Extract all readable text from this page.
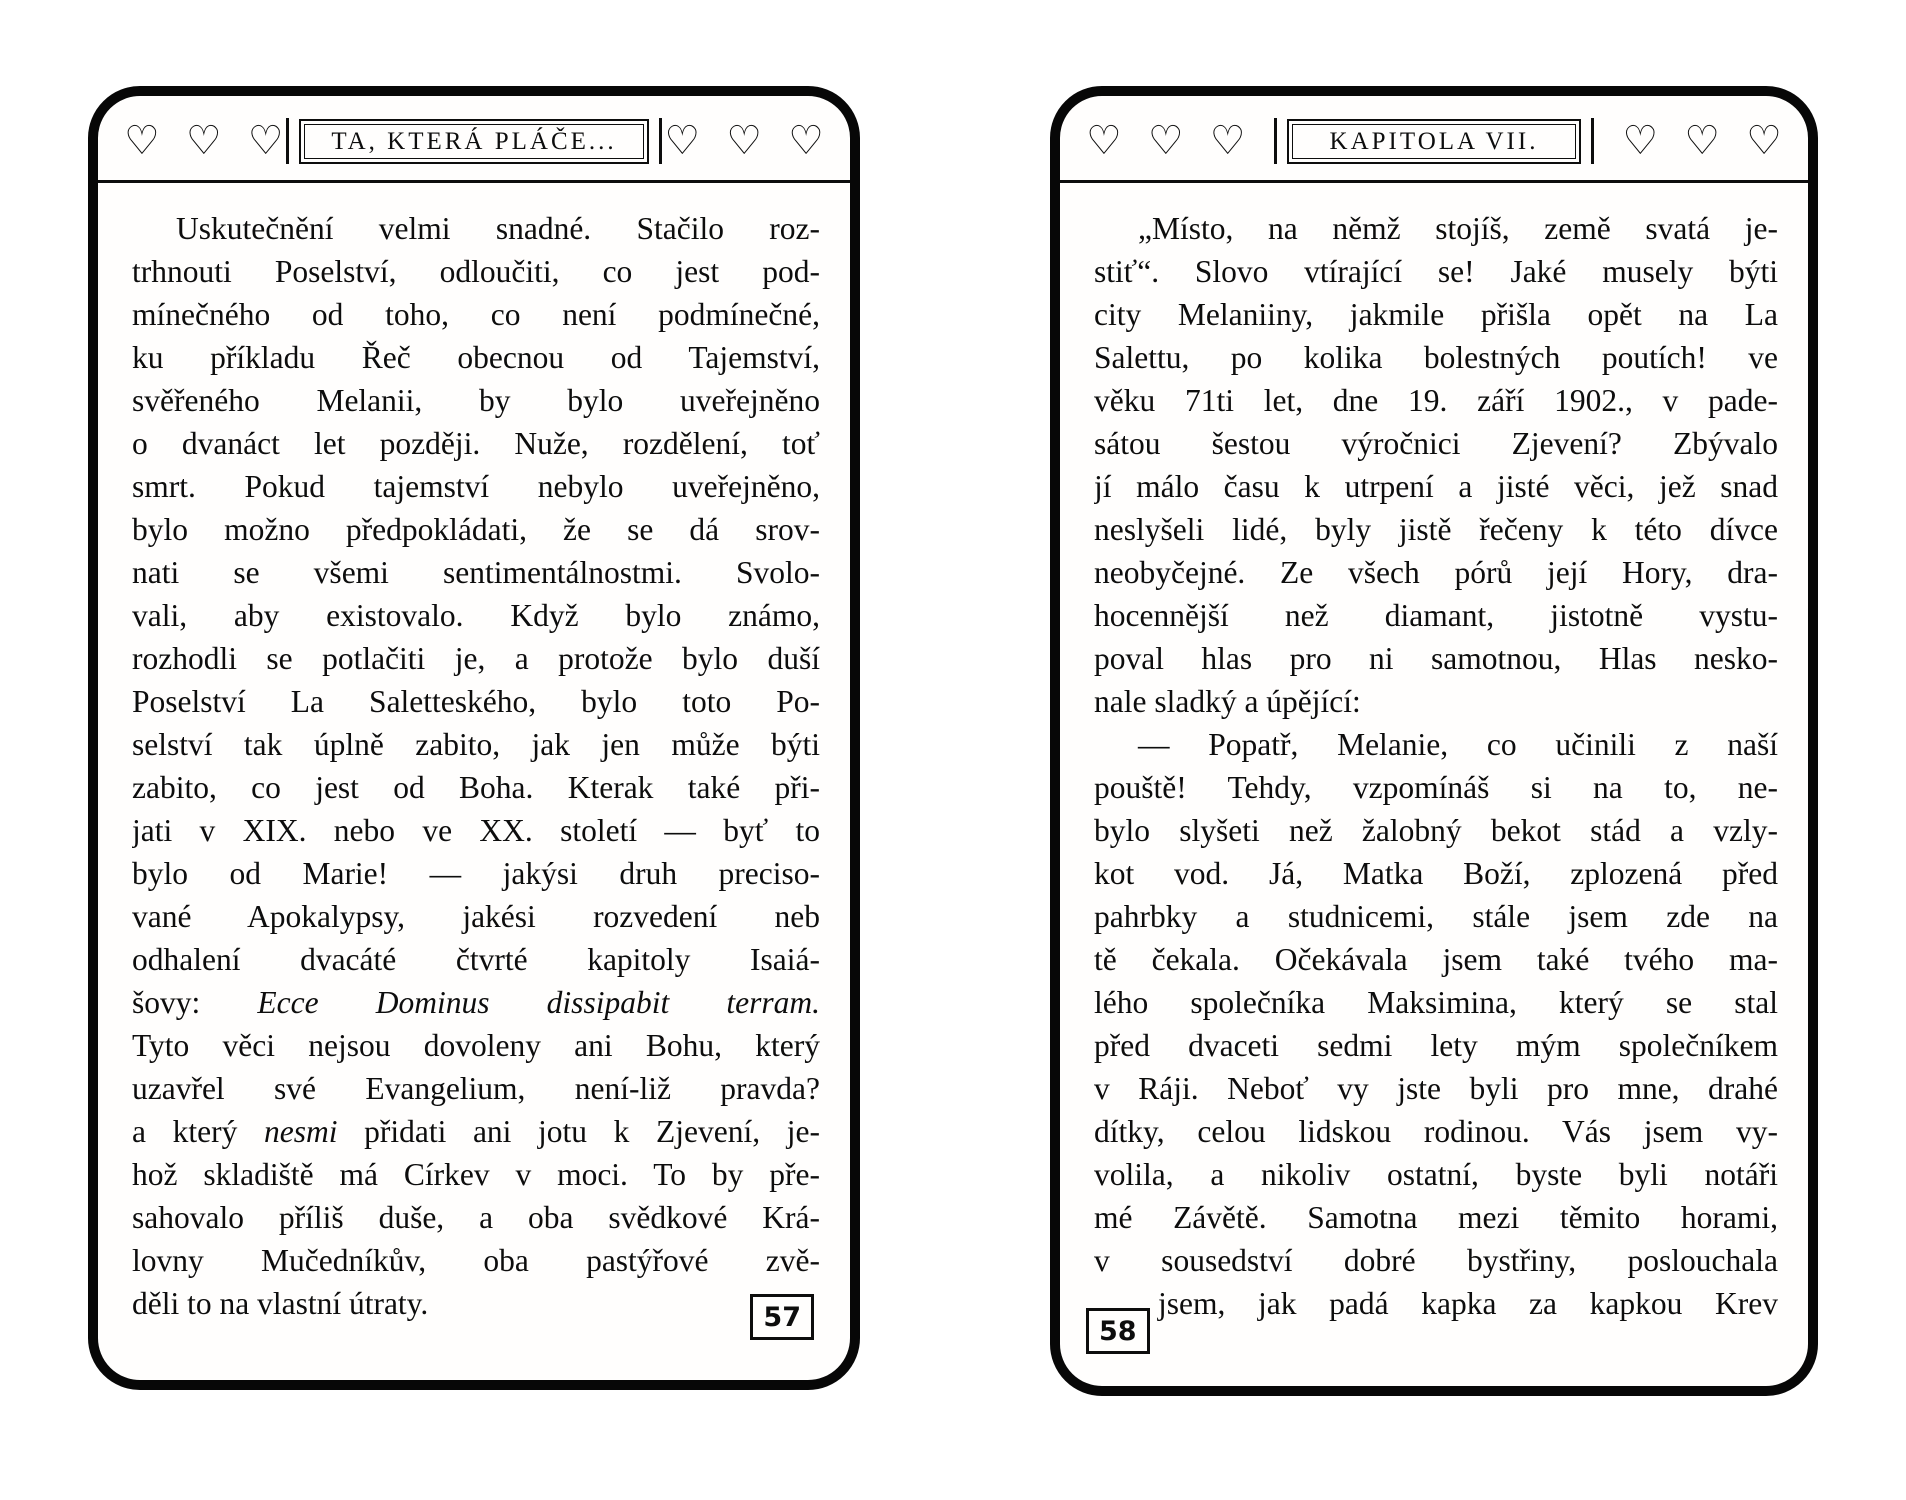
♡ ♡ ♡	TA, KTERÁ PLÁČE...	♡ ♡ ♡
Uskutečnění velmi snadné. Stačilo roz-
trhnouti Poselství, odloučiti, co jest pod-
mínečného od toho, co není podmínečné,
ku příkladu Řeč obecnou od Tajemství,
svěřeného Melanii, by bylo uveřejněno
o dvanáct let později. Nuže, rozdělení, toť
smrt. Pokud tajemství nebylo uveřejněno,
bylo možno předpokládati, že se dá srov-
nati se všemi sentimentálnostmi. Svolo-
vali, aby existovalo. Když bylo známo,
rozhodli se potlačiti je, a protože bylo duší
Poselství La Saletteského, bylo toto Po-
selství tak úplně zabito, jak jen může býti
zabito, co jest od Boha. Kterak také při-
jati v XIX. nebo ve XX. století — byť to
bylo od Marie! — jakýsi druh preciso-
vané Apokalypsy, jakési rozvedení neb
odhalení dvacáté čtvrté kapitoly Isaiá-
šovy: Ecce Dominus dissipabit terram.
Tyto věci nejsou dovoleny ani Bohu, který
uzavřel své Evangelium, není-liž pravda?
a který nesmi přidati ani jotu k Zjevení, je-
hož skladiště má Církev v moci. To by pře-
sahovalo příliš duše, a oba svědkové Krá-
lovny Mučedníkův, oba pastýřové zvě-
děli to na vlastní útraty.	57
♡ ♡ ♡	KAPITOLA VII.	♡ ♡ ♡
„Místo, na němž stojíš, země svatá je-
stiť“. Slovo vtírající se! Jaké musely býti
city Melaniiny, jakmile přišla opět na La
Salettu, po kolika bolestných poutích! ve
věku 71ti let, dne 19. září 1902., v pade-
sátou šestou výročnici Zjevení? Zbývalo
jí málo času k utrpení a jisté věci, jež snad
neslyšeli lidé, byly jistě řečeny k této dívce
neobyčejné. Ze všech pórů její Hory, dra-
hocennější než diamant, jistotně vystu-
poval hlas pro ni samotnou, Hlas nesko-
nale sladký a úpějící:
— Popatř, Melanie, co učinili z naší
pouště! Tehdy, vzpomínáš si na to, ne-
bylo slyšeti než žalobný bekot stád a vzly-
kot vod. Já, Matka Boží, zplozená před
pahrbky a studnicemi, stále jsem zde na
tě čekala. Očekávala jsem také tvého ma-
lého společníka Maksimina, který se stal
před dvaceti sedmi lety mým společníkem
v Ráji. Neboť vy jste byli pro mne, drahé
dítky, celou lidskou rodinou. Vás jsem vy-
volila, a nikoliv ostatní, byste byli notáři
mé Závětě. Samotna mezi těmito horami,
v sousedství dobré bystřiny, poslouchala
jsem, jak padá kapka za kapkou Krev
58
